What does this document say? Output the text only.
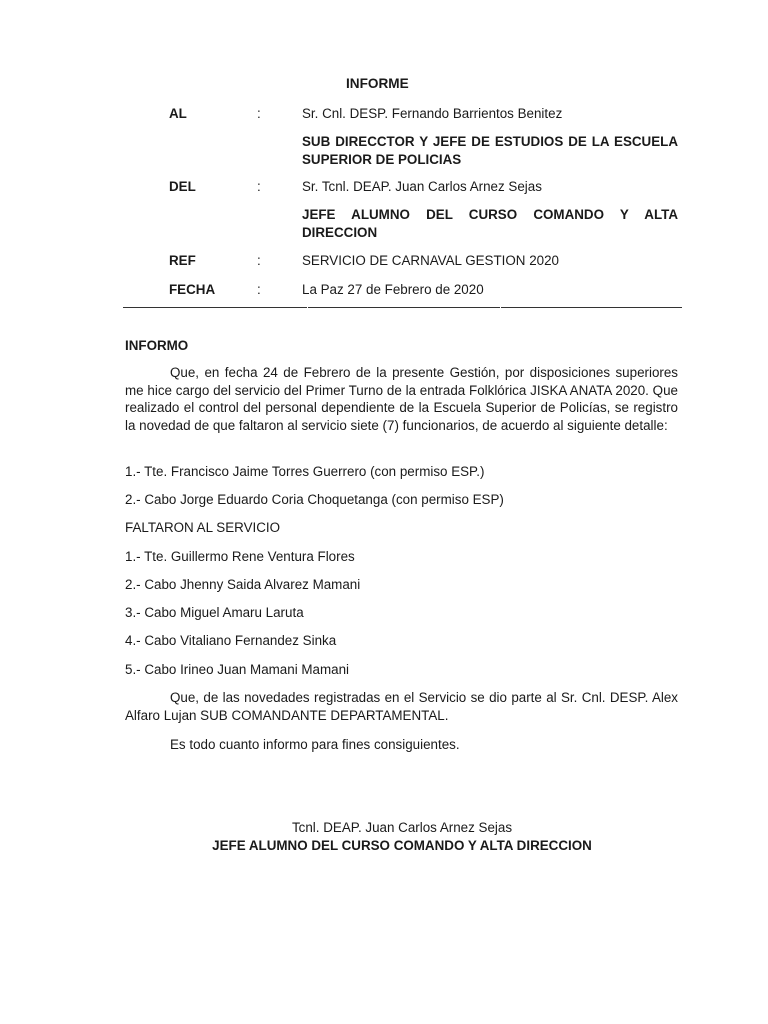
INFORME
AL	:	Sr. Cnl. DESP. Fernando Barrientos Benitez
SUB DIRECCTOR Y JEFE DE ESTUDIOS DE LA ESCUELA SUPERIOR DE POLICIAS
DEL	:	Sr. Tcnl. DEAP. Juan Carlos Arnez Sejas
JEFE ALUMNO DEL CURSO COMANDO Y ALTA DIRECCION
REF	:	SERVICIO DE CARNAVAL GESTION 2020
FECHA	:	La Paz 27 de Febrero de 2020
INFORMO
Que, en fecha 24 de Febrero de la presente Gestión, por disposiciones superiores me hice cargo del servicio del Primer Turno de la entrada Folklórica JISKA ANATA 2020. Que realizado el control del personal dependiente de la Escuela Superior de Policías, se registro la novedad de que faltaron al servicio siete (7) funcionarios, de acuerdo al siguiente detalle:
1.- Tte. Francisco Jaime Torres Guerrero (con permiso ESP.)
2.- Cabo Jorge Eduardo Coria Choquetanga (con permiso ESP)
FALTARON AL SERVICIO
1.- Tte. Guillermo Rene Ventura Flores
2.- Cabo Jhenny Saida Alvarez Mamani
3.- Cabo Miguel Amaru Laruta
4.- Cabo Vitaliano Fernandez Sinka
5.- Cabo Irineo Juan Mamani Mamani
Que, de las novedades registradas en el Servicio se dio parte al Sr. Cnl. DESP. Alex Alfaro Lujan SUB COMANDANTE DEPARTAMENTAL.
Es todo cuanto informo para fines consiguientes.
Tcnl. DEAP. Juan Carlos Arnez Sejas
JEFE ALUMNO DEL CURSO COMANDO Y ALTA DIRECCION
